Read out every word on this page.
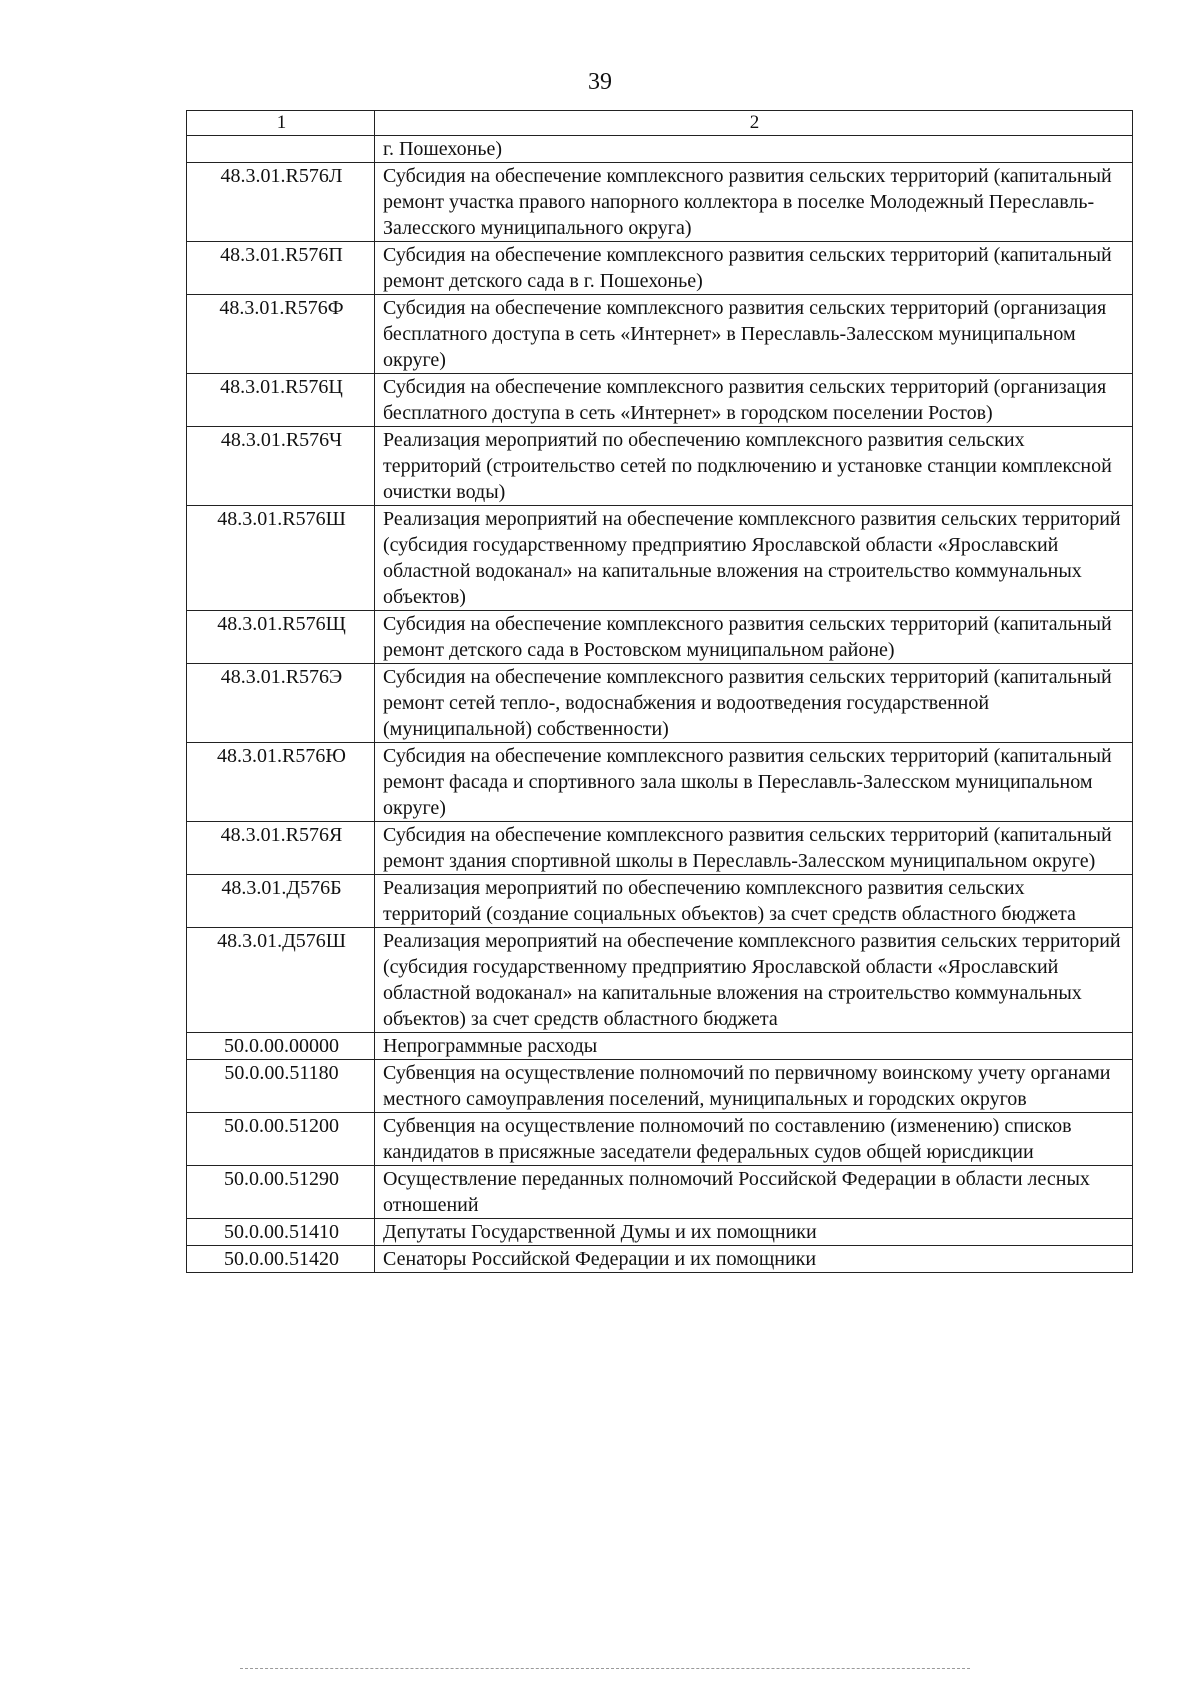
39
1	2
	г. Пошехонье)
48.3.01.R576Л	Субсидия на обеспечение комплексного развития сельских территорий (капитальный ремонт участка правого напорного коллектора в поселке Молодежный Переславль-Залесского муниципального округа)
48.3.01.R576П	Субсидия на обеспечение комплексного развития сельских территорий (капитальный ремонт детского сада в г. Пошехонье)
48.3.01.R576Ф	Субсидия на обеспечение комплексного развития сельских территорий (организация бесплатного доступа в сеть «Интернет» в Переславль-Залесском муниципальном округе)
48.3.01.R576Ц	Субсидия на обеспечение комплексного развития сельских территорий (организация бесплатного доступа в сеть «Интернет» в городском поселении Ростов)
48.3.01.R576Ч	Реализация мероприятий по обеспечению комплексного развития сельских территорий (строительство сетей по подключению и установке станции комплексной очистки воды)
48.3.01.R576Ш	Реализация мероприятий на обеспечение комплексного развития сельских территорий (субсидия государственному предприятию Ярославской области «Ярославский областной водоканал» на капитальные вложения на строительство коммунальных объектов)
48.3.01.R576Щ	Субсидия на обеспечение комплексного развития сельских территорий (капитальный ремонт детского сада в Ростовском муниципальном районе)
48.3.01.R576Э	Субсидия на обеспечение комплексного развития сельских территорий (капитальный ремонт сетей тепло-, водоснабжения и водоотведения государственной (муниципальной) собственности)
48.3.01.R576Ю	Субсидия на обеспечение комплексного развития сельских территорий (капитальный ремонт фасада и спортивного зала школы в Переславль-Залесском муниципальном округе)
48.3.01.R576Я	Субсидия на обеспечение комплексного развития сельских территорий (капитальный ремонт здания спортивной школы в Переславль-Залесском муниципальном округе)
48.3.01.Д576Б	Реализация мероприятий по обеспечению комплексного развития сельских территорий (создание социальных объектов) за счет средств областного бюджета
48.3.01.Д576Ш	Реализация мероприятий на обеспечение комплексного развития сельских территорий (субсидия государственному предприятию Ярославской области «Ярославский областной водоканал» на капитальные вложения на строительство коммунальных объектов) за счет средств областного бюджета
50.0.00.00000	Непрограммные расходы
50.0.00.51180	Субвенция на осуществление полномочий по первичному воинскому учету органами местного самоуправления поселений, муниципальных и городских округов
50.0.00.51200	Субвенция на осуществление полномочий по составлению (изменению) списков кандидатов в присяжные заседатели федеральных судов общей юрисдикции
50.0.00.51290	Осуществление переданных полномочий Российской Федерации в области лесных отношений
50.0.00.51410	Депутаты Государственной Думы и их помощники
50.0.00.51420	Сенаторы Российской Федерации и их помощники
